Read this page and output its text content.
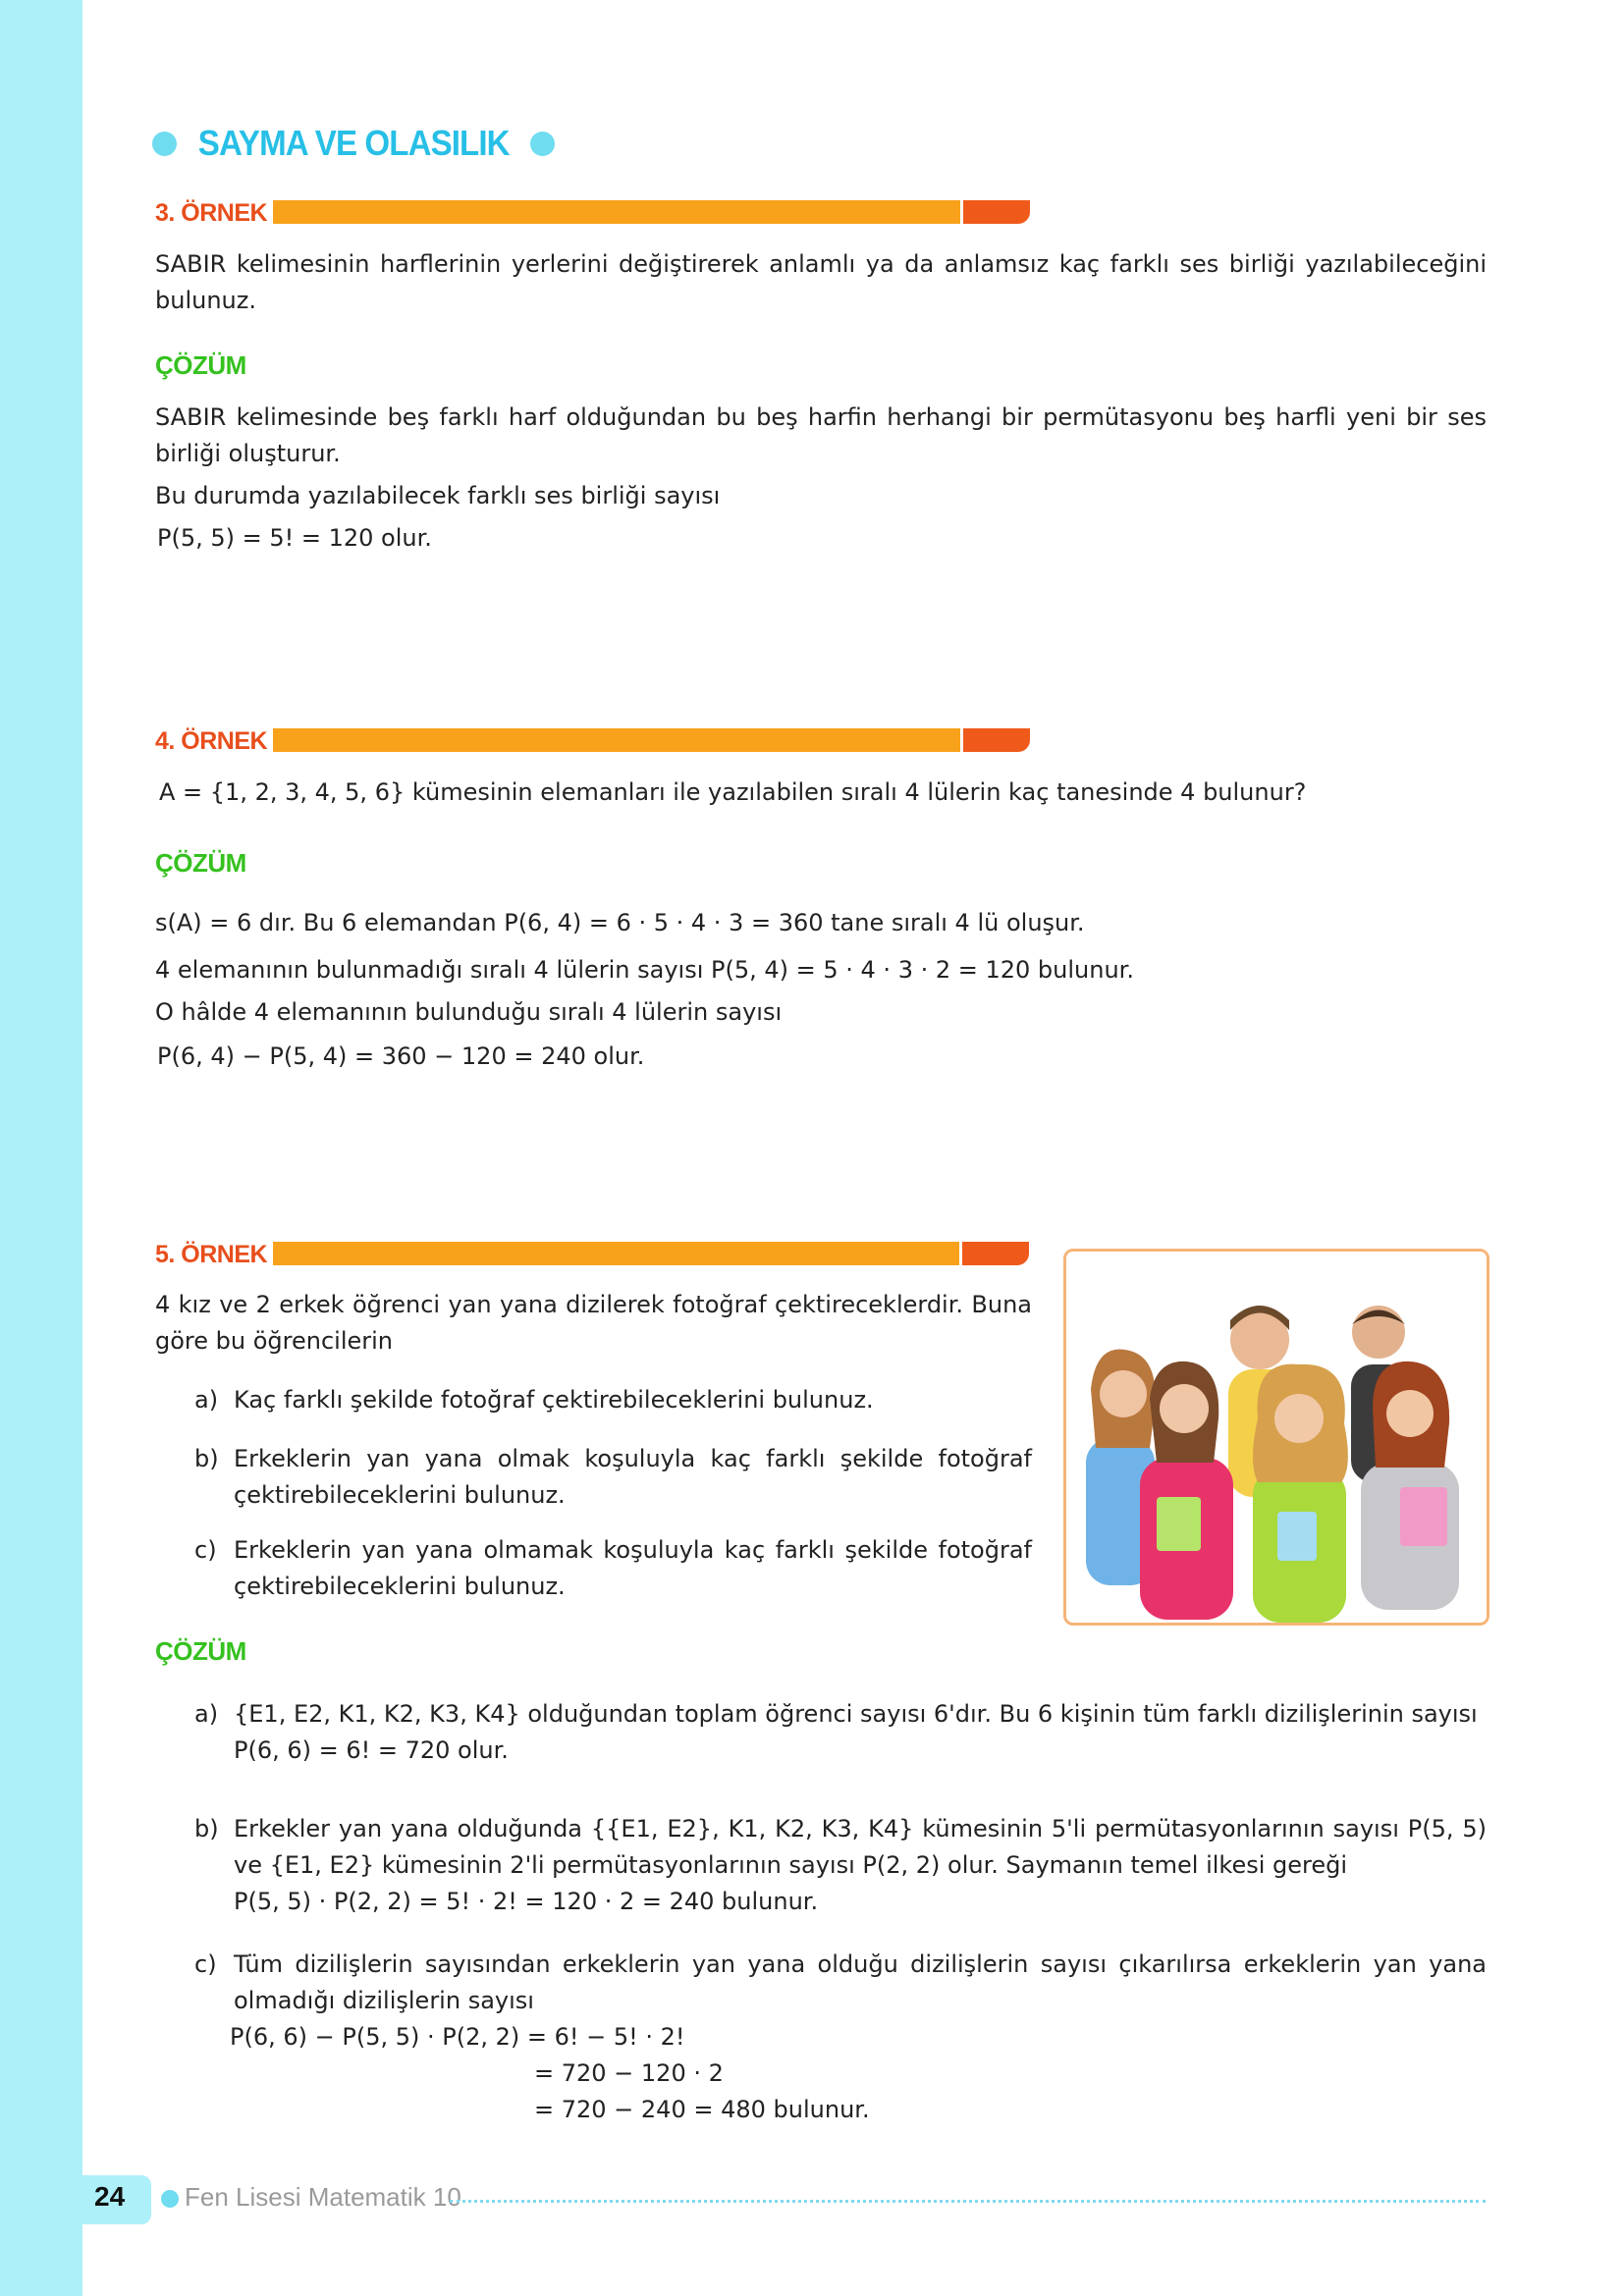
SAYMA VE OLASILIK
3. ÖRNEK

SABIR kelimesinin harflerinin yerlerini değiştirerek anlamlı ya da anlamsız kaç farklı ses birliği yazılabileceğini bulunuz.

ÇÖZÜM

SABIR kelimesinde beş farklı harf olduğundan bu beş harfin herhangi bir permütasyonu beş harfli yeni bir ses birliği oluşturur.

Bu durumda yazılabilecek farklı ses birliği sayısı

P(5, 5) = 5! = 120 olur.

4. ÖRNEK

A = {1, 2, 3, 4, 5, 6} kümesinin elemanları ile yazılabilen sıralı 4 lülerin kaç tanesinde 4 bulunur?

ÇÖZÜM

s(A) = 6 dır. Bu 6 elemandan P(6, 4) = 6 · 5 · 4 · 3 = 360 tane sıralı 4 lü oluşur.

4 elemanının bulunmadığı sıralı 4 lülerin sayısı P(5, 4) = 5 · 4 · 3 · 2 = 120 bulunur.

O hâlde 4 elemanının bulunduğu sıralı 4 lülerin sayısı

P(6, 4) − P(5, 4) = 360 − 120 = 240 olur.

5. ÖRNEK

4 kız ve 2 erkek öğrenci yan yana dizilerek fotoğraf çektireceklerdir. Buna göre bu öğrencilerin

a) Kaç farklı şekilde fotoğraf çektirebileceklerini bulunuz.
b) Erkeklerin yan yana olmak koşuluyla kaç farklı şekilde fotoğraf çektirebileceklerini bulunuz.
c) Erkeklerin yan yana olmamak koşuluyla kaç farklı şekilde fotoğraf çektirebileceklerini bulunuz.
ÇÖZÜM
a) {E1, E2, K1, K2, K3, K4} olduğundan toplam öğrenci sayısı 6'dır. Bu 6 kişinin tüm farklı dizilişlerinin sayısı
P(6, 6) = 6! = 720 olur.
b) Erkekler yan yana olduğunda {{E1, E2}, K1, K2, K3, K4} kümesinin 5'li permütasyonlarının sayısı P(5, 5) ve {E1, E2} kümesinin 2'li permütasyonlarının sayısı P(2, 2) olur. Saymanın temel ilkesi gereği
P(5, 5) · P(2, 2) = 5! · 2! = 120 · 2 = 240 bulunur.
c) Tüm dizilişlerin sayısından erkeklerin yan yana olduğu dizilişlerin sayısı çıkarılırsa erkeklerin yan yana olmadığı dizilişlerin sayısı
P(6, 6) − P(5, 5) · P(2, 2) = 6! − 5! · 2!
= 720 − 120 · 2
= 720 − 240 = 480 bulunur.
24 Fen Lisesi Matematik 10
